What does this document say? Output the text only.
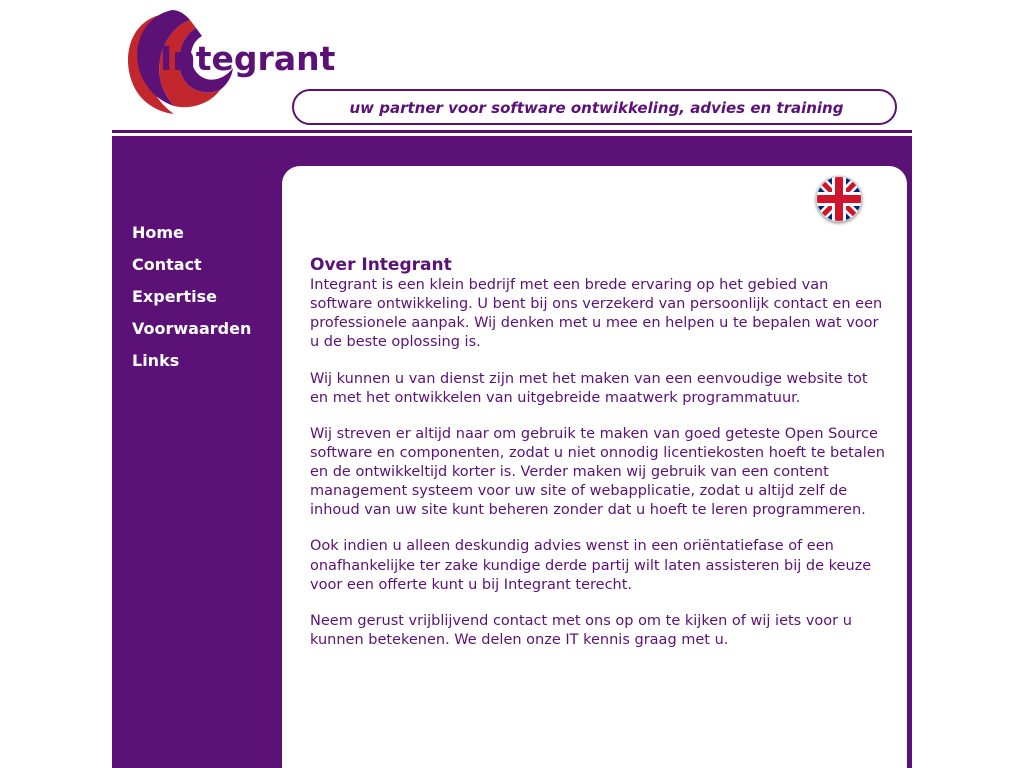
Integrant
uw partner voor software ontwikkeling, advies en training
Home
Contact
Expertise
Voorwaarden
Links
Over Integrant

Integrant is een klein bedrijf met een brede ervaring op het gebied van software ontwikkeling. U bent bij ons verzekerd van persoonlijk contact en een professionele aanpak. Wij denken met u mee en helpen u te bepalen wat voor u de beste oplossing is.

Wij kunnen u van dienst zijn met het maken van een eenvoudige website tot en met het ontwikkelen van uitgebreide maatwerk programmatuur.

Wij streven er altijd naar om gebruik te maken van goed geteste Open Source software en componenten, zodat u niet onnodig licentiekosten hoeft te betalen en de ontwikkeltijd korter is. Verder maken wij gebruik van een content management systeem voor uw site of webapplicatie, zodat u altijd zelf de inhoud van uw site kunt beheren zonder dat u hoeft te leren programmeren.

Ook indien u alleen deskundig advies wenst in een oriëntatiefase of een onafhankelijke ter zake kundige derde partij wilt laten assisteren bij de keuze voor een offerte kunt u bij Integrant terecht.

Neem gerust vrijblijvend contact met ons op om te kijken of wij iets voor u kunnen betekenen. We delen onze IT kennis graag met u.
